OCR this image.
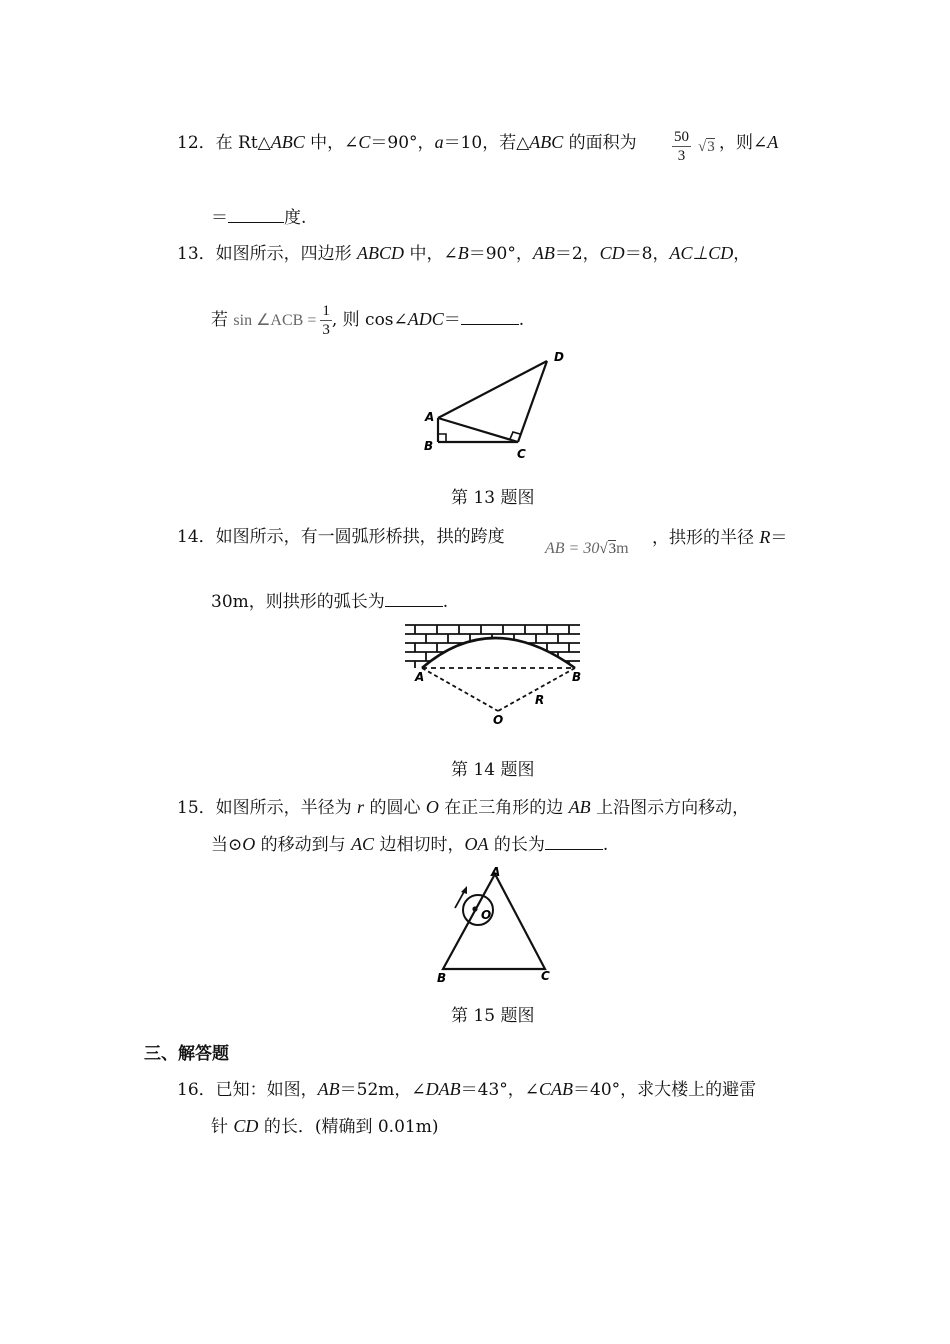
12．在 Rt△ABC 中，∠C＝90°，a＝10，若△ABC 的面积为 $\frac{50}{3} √3$ ，则∠A
＝	度.
13．如图所示，四边形 ABCD 中，∠B＝90°，AB＝2，CD＝8，AC⊥CD，
若 sin ∠ACB = $\frac{1}{3}$ , 则 cos∠ADC＝	.
A
B
C
D
第 13 题图
14．如图所示，有一圆弧形桥拱，拱的跨度
AB = 30√3m
，拱形的半径 R＝
30m，则拱形的弧长为	.
A	B
O
R
第 14 题图
15．如图所示，半径为 r 的圆心 O 在正三角形的边 AB 上沿图示方向移动，
当⊙O 的移动到与 AC 边相切时，OA 的长为	.
A
B	C
O
第 15 题图
三、解答题
16．已知：如图，AB＝52m，∠DAB＝43°，∠CAB＝40°，求大楼上的避雷
针 CD 的长．(精确到 0.01m)
